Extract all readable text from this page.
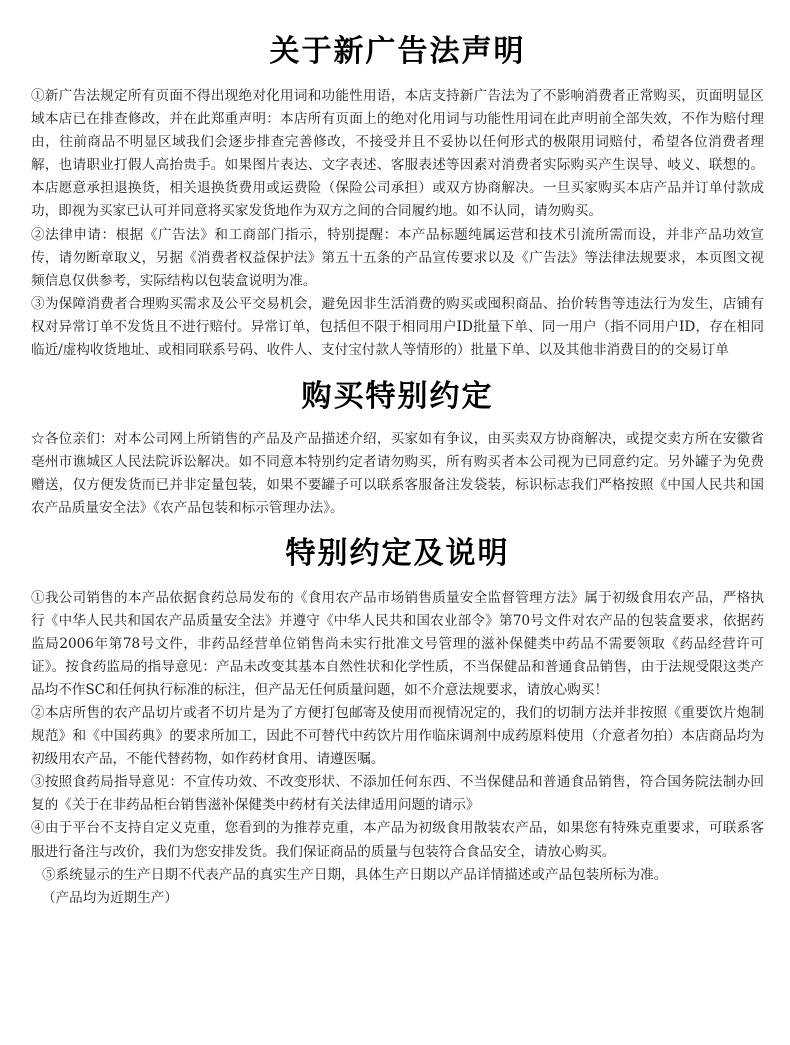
关于新广告法声明

①新广告法规定所有页面不得出现绝对化用词和功能性用语，本店支持新广告法为了不影响消费者正常购买，页面明显区域本店已在排查修改，并在此郑重声明：本店所有页面上的绝对化用词与功能性用词在此声明前全部失效，不作为赔付理由，往前商品不明显区域我们会逐步排查完善修改，不接受并且不妥协以任何形式的极限用词赔付，希望各位消费者理解，也请职业打假人高抬贵手。如果图片表达、文字表述、客服表述等因素对消费者实际购买产生误导、岐义、联想的。本店愿意承担退换货，相关退换货费用或运费险（保险公司承担）或双方协商解决。一旦买家购买本店产品并订单付款成功，即视为买家已认可并同意将买家发货地作为双方之间的合同履约地。如不认同，请勿购买。

②法律申请：根据《广告法》和工商部门指示，特别提醒：本产品标题纯属运营和技术引流所需而设，并非产品功效宣传，请勿断章取义，另据《消费者权益保护法》第五十五条的产品宣传要求以及《广告法》等法律法规要求，本页图文视频信息仅供参考，实际结构以包装盒说明为准。

③为保障消费者合理购买需求及公平交易机会，避免因非生活消费的购买或囤积商品、抬价转售等违法行为发生，店铺有权对异常订单不发货且不进行赔付。异常订单，包括但不限于相同用户ID批量下单、同一用户（指不同用户ID，存在相同临近/虚构收货地址、或相同联系号码、收件人、支付宝付款人等情形的）批量下单、以及其他非消费目的的交易订单

购买特别约定

☆各位亲们：对本公司网上所销售的产品及产品描述介绍，买家如有争议，由买卖双方协商解决，或提交卖方所在安徽省亳州市谯城区人民法院诉讼解决。如不同意本特别约定者请勿购买，所有购买者本公司视为已同意约定。另外罐子为免费赠送，仅方便发货而已并非定量包装，如果不要罐子可以联系客服备注发袋装，标识标志我们严格按照《中国人民共和国农产品质量安全法》《农产品包装和标示管理办法》。

特别约定及说明

①我公司销售的本产品依据食药总局发布的《食用农产品市场销售质量安全监督管理方法》属于初级食用农产品，严格执行《中华人民共和国农产品质量安全法》并遵守《中华人民共和国农业部令》第70号文件对农产品的包装盒要求，依据药监局2006年第78号文件，非药品经营单位销售尚未实行批准文号管理的滋补保健类中药品不需要领取《药品经营许可证》。按食药监局的指导意见：产品未改变其基本自然性状和化学性质，不当保健品和普通食品销售，由于法规受限这类产品均不作SC和任何执行标准的标注，但产品无任何质量问题，如不介意法规要求，请放心购买！

②本店所售的农产品切片或者不切片是为了方便打包邮寄及使用而视情况定的，我们的切制方法并非按照《重要饮片炮制规范》和《中国药典》的要求所加工，因此不可替代中药饮片用作临床调剂中成药原料使用（介意者勿拍）本店商品均为初级用农产品，不能代替药物，如作药材食用、请遵医嘱。

③按照食药局指导意见：不宣传功效、不改变形状、不添加任何东西、不当保健品和普通食品销售，符合国务院法制办回复的《关于在非药品柜台销售滋补保健类中药材有关法律适用问题的请示》

④由于平台不支持自定义克重，您看到的为推荐克重，本产品为初级食用散装农产品，如果您有特殊克重要求，可联系客服进行备注与改价，我们为您安排发货。我们保证商品的质量与包装符合食品安全，请放心购买。

⑤系统显示的生产日期不代表产品的真实生产日期，具体生产日期以产品详情描述或产品包装所标为准。
（产品均为近期生产）
